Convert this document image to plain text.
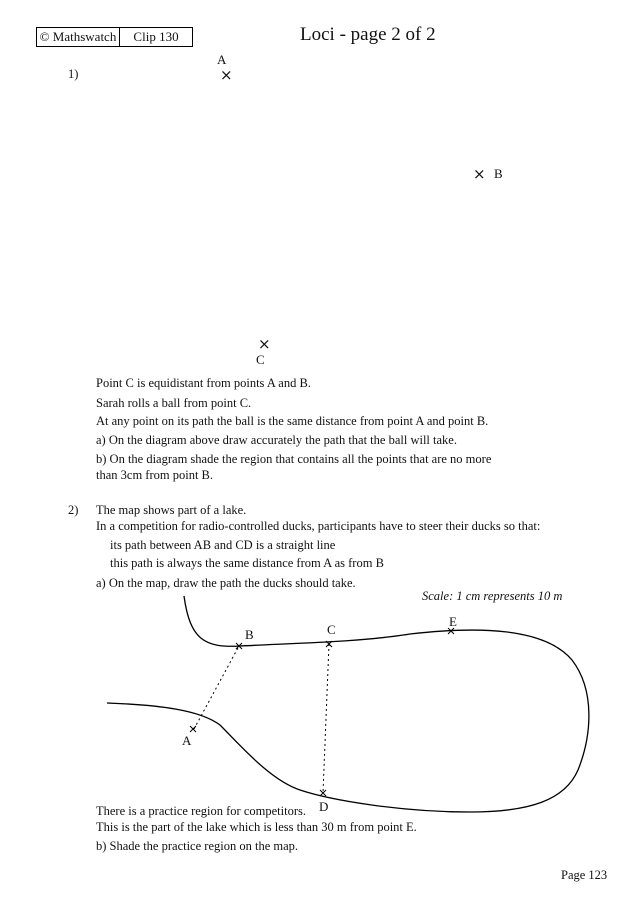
© Mathswatch	Clip 130	Loci - page 2 of 2
1)
A
×
× B
×
C
Point C is equidistant from points A and B.
Sarah rolls a ball from point C.
At any point on its path the ball is the same distance from point A and point B.
a) On the diagram above draw accurately the path that the ball will take.
b) On the diagram shade the region that contains all the points that are no more
than 3cm from point B.
2) The map shows part of a lake.
In a competition for radio-controlled ducks, participants have to steer their ducks so that:
its path between AB and CD is a straight line
this path is always the same distance from A as from B
a) On the map, draw the path the ducks should take.
Scale: 1 cm represents 10 m
A
B	C
D
E
There is a practice region for competitors.
This is the part of the lake which is less than 30 m from point E.
b) Shade the practice region on the map.
Page 123
